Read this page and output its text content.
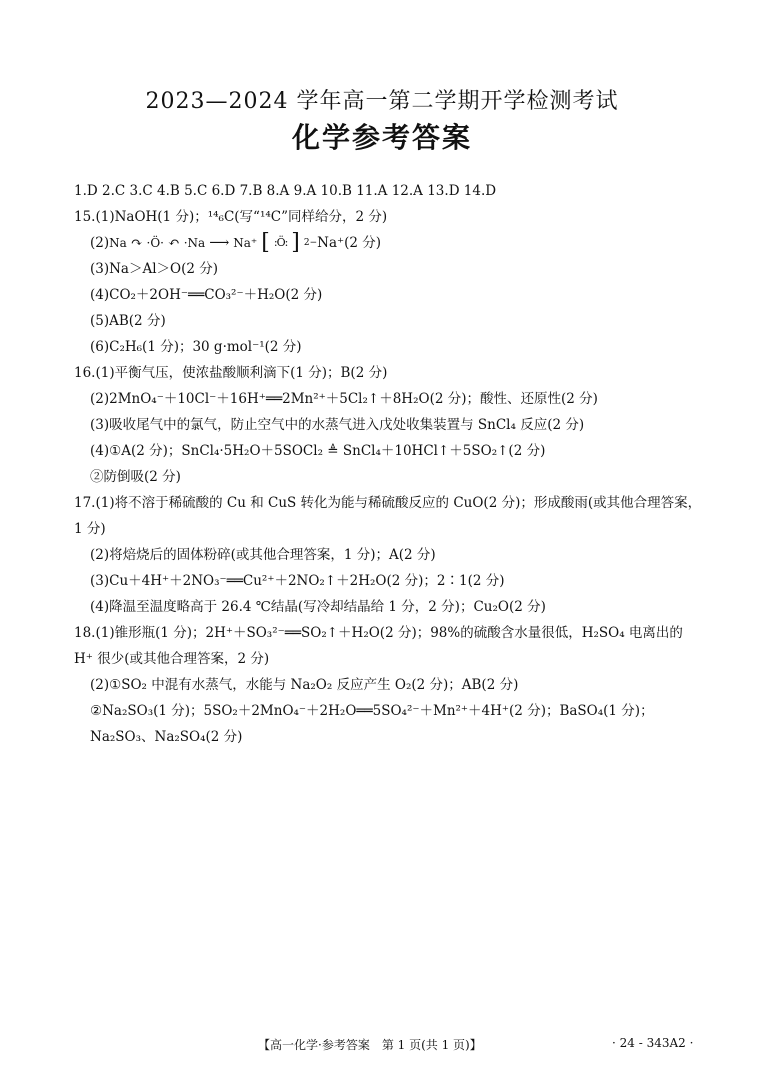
2023—2024 学年高一第二学期开学检测考试
化学参考答案
1.D 2.C 3.C 4.B 5.C 6.D 7.B 8.A 9.A 10.B 11.A 12.A 13.D 14.D
15.(1)NaOH(1 分)；¹⁴₆C(写“¹⁴C”同样给分，2 分)
(2)Na ↷ ·Ö· ↶ ·Na ⟶ Na⁺ [ :Ö: ] 2− Na⁺(2 分)
(3)Na＞Al＞O(2 分)
(4)CO₂＋2OH⁻══CO₃²⁻＋H₂O(2 分)
(5)AB(2 分)
(6)C₂H₆(1 分)；30 g·mol⁻¹(2 分)
16.(1)平衡气压，使浓盐酸顺利滴下(1 分)；B(2 分)
(2)2MnO₄⁻＋10Cl⁻＋16H⁺══2Mn²⁺＋5Cl₂↑＋8H₂O(2 分)；酸性、还原性(2 分)
(3)吸收尾气中的氯气，防止空气中的水蒸气进入戊处收集装置与 SnCl₄ 反应(2 分)
(4)①A(2 分)；SnCl₄·5H₂O＋5SOCl₂ ≜ SnCl₄＋10HCl↑＋5SO₂↑(2 分)
②防倒吸(2 分)
17.(1)将不溶于稀硫酸的 Cu 和 CuS 转化为能与稀硫酸反应的 CuO(2 分)；形成酸雨(或其他合理答案，1 分)
(2)将焙烧后的固体粉碎(或其他合理答案，1 分)；A(2 分)
(3)Cu＋4H⁺＋2NO₃⁻══Cu²⁺＋2NO₂↑＋2H₂O(2 分)；2∶1(2 分)
(4)降温至温度略高于 26.4 ℃结晶(写冷却结晶给 1 分，2 分)；Cu₂O(2 分)
18.(1)锥形瓶(1 分)；2H⁺＋SO₃²⁻══SO₂↑＋H₂O(2 分)；98%的硫酸含水量很低，H₂SO₄ 电离出的 H⁺ 很少(或其他合理答案，2 分)
(2)①SO₂ 中混有水蒸气，水能与 Na₂O₂ 反应产生 O₂(2 分)；AB(2 分)
②Na₂SO₃(1 分)；5SO₂＋2MnO₄⁻＋2H₂O══5SO₄²⁻＋Mn²⁺＋4H⁺(2 分)；BaSO₄(1 分)；Na₂SO₃、Na₂SO₄(2 分)
【高一化学·参考答案　第 1 页(共 1 页)】	· 24 - 343A2 ·
